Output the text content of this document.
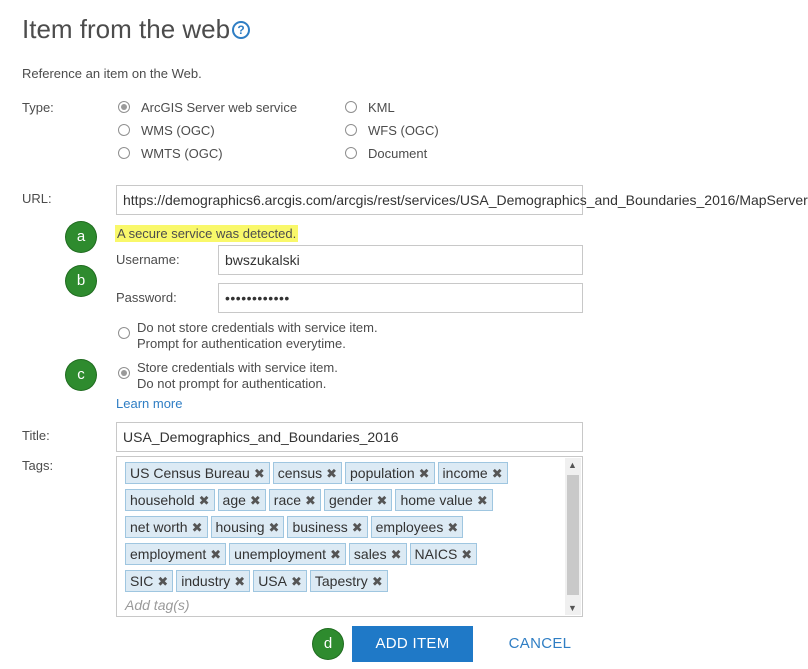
Item from the web ?
Reference an item on the Web.
Type:	ArcGIS Server web service	KML
WMS (OGC)	WFS (OGC)
WMTS (OGC)	Document
URL:	https://demographics6.arcgis.com/arcgis/rest/services/USA_Demographics_and_Boundaries_2016/MapServer
a	A secure service was detected.
b
Username:	bwszukalski
Password:	••••••••••••
Do not store credentials with service item.
Prompt for authentication everytime.
c	Store credentials with service item.
Do not prompt for authentication.
Learn more
Title:	USA_Demographics_and_Boundaries_2016
Tags:	US Census Bureau ✖ census ✖ population ✖ income ✖
household ✖ age ✖ race ✖ gender ✖ home value ✖
net worth ✖ housing ✖ business ✖ employees ✖
employment ✖ unemployment ✖ sales ✖ NAICS ✖
SIC ✖ industry ✖ USA ✖ Tapestry ✖
Add tag(s)
▲
▼
d	ADD ITEM	CANCEL
